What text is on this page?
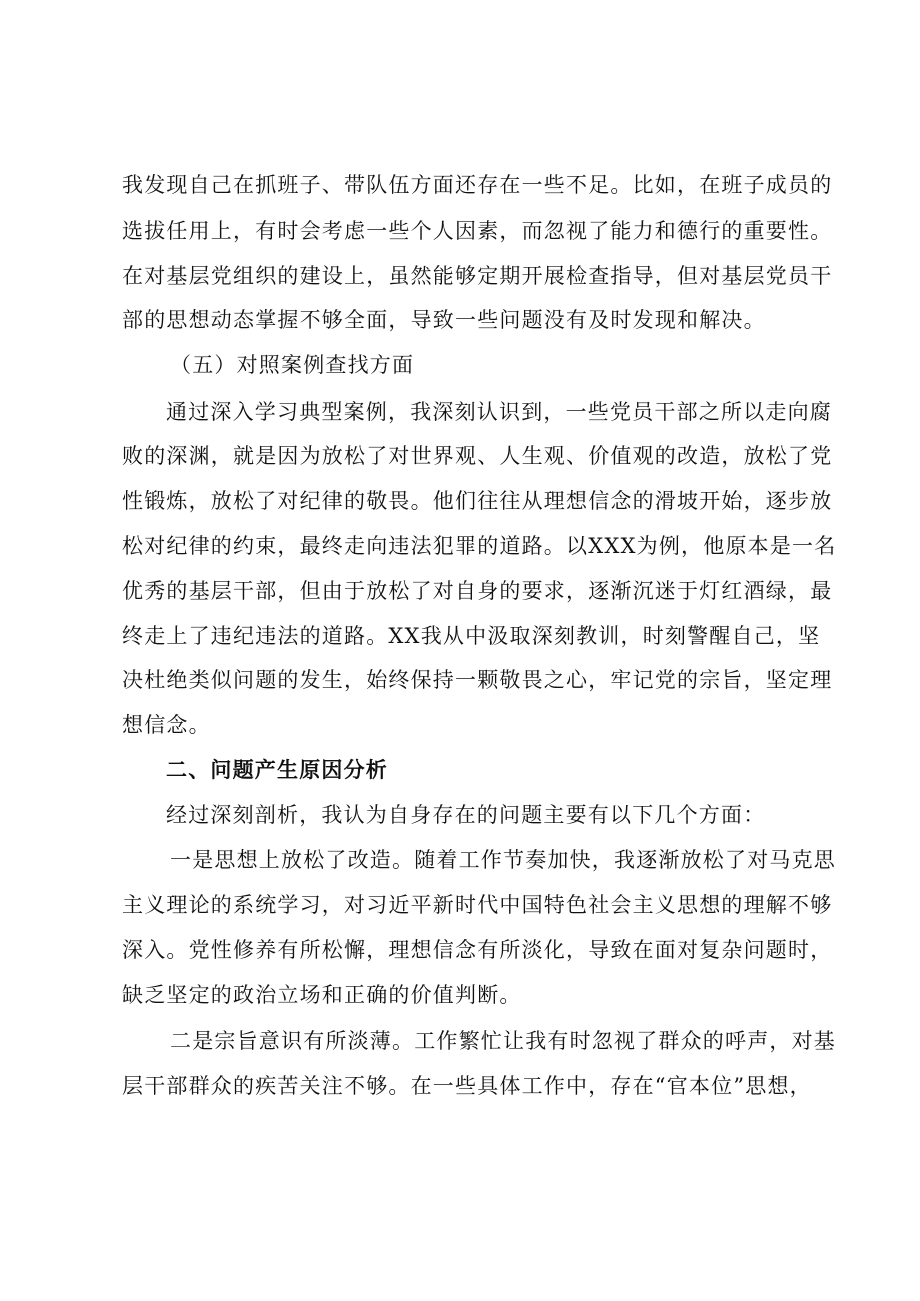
我发现自己在抓班子、带队伍方面还存在一些不足。比如，在班子成员的
选拔任用上，有时会考虑一些个人因素，而忽视了能力和德行的重要性。
在对基层党组织的建设上，虽然能够定期开展检查指导，但对基层党员干
部的思想动态掌握不够全面，导致一些问题没有及时发现和解决。
（五）对照案例查找方面
通过深入学习典型案例，我深刻认识到，一些党员干部之所以走向腐
败的深渊，就是因为放松了对世界观、人生观、价值观的改造，放松了党
性锻炼，放松了对纪律的敬畏。他们往往从理想信念的滑坡开始，逐步放
松对纪律的约束，最终走向违法犯罪的道路。以XXX为例，他原本是一名
优秀的基层干部，但由于放松了对自身的要求，逐渐沉迷于灯红酒绿，最
终走上了违纪违法的道路。XX我从中汲取深刻教训，时刻警醒自己，坚
决杜绝类似问题的发生，始终保持一颗敬畏之心，牢记党的宗旨，坚定理
想信念。
二、问题产生原因分析
经过深刻剖析，我认为自身存在的问题主要有以下几个方面：
一是思想上放松了改造。随着工作节奏加快，我逐渐放松了对马克思
主义理论的系统学习，对习近平新时代中国特色社会主义思想的理解不够
深入。党性修养有所松懈，理想信念有所淡化，导致在面对复杂问题时，
缺乏坚定的政治立场和正确的价值判断。
二是宗旨意识有所淡薄。工作繁忙让我有时忽视了群众的呼声，对基
层干部群众的疾苦关注不够。在一些具体工作中，存在“官本位”思想，
